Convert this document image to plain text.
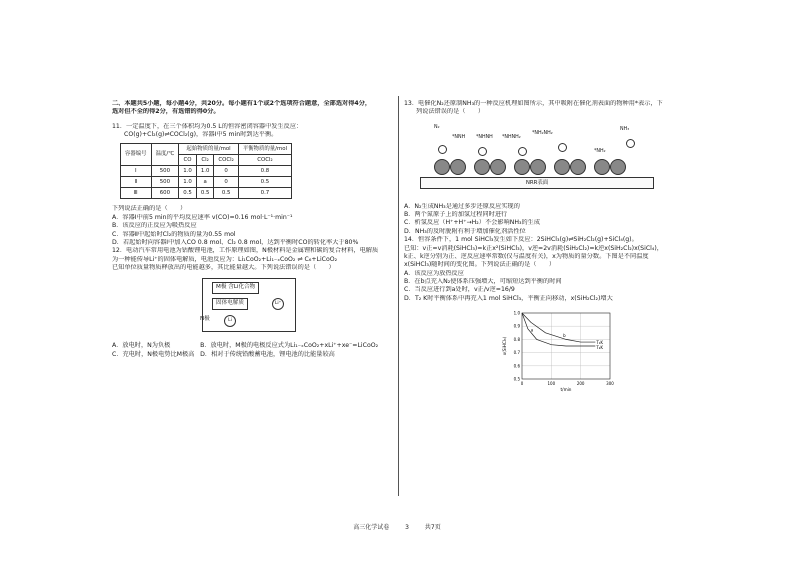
二、本题共5小题，每小题4分，共20分。每小题有1个或2个选项符合题意，全部选对得4分，
选对但不全的得2分，有选错的得0分。
11．一定温度下，在三个体积均为0.5 L的恒容密闭容器中发生反应：
CO(g)+Cl₂(g)⇌COCl₂(g)，容器Ⅰ中5 min时到达平衡。
容器编号	温度/℃	起始物质的量/mol			平衡物质的量/mol
		CO	Cl₂	COCl₂	COCl₂
Ⅰ	500	1.0	1.0	0	0.8
Ⅱ	500	1.0	a	0	0.5
Ⅲ	600	0.5	0.5	0.5	0.7
下列说法正确的是（　　）
A．容器Ⅰ中前5 min的平均反应速率 v(CO)=0.16 mol·L⁻¹·min⁻¹
B．该反应的正反应为吸热反应
C．容器Ⅱ中起始时Cl₂的物质的量为0.55 mol
D．若起始时向容器Ⅰ中加入CO 0.8 mol、Cl₂ 0.8 mol，达到平衡时CO的转化率大于80%
12．电动汽车常用电池为钴酸锂电池，工作原理如图，N极材料是金属锂和碳的复合材料，电解质
为一种能传导Li⁺的固体电解质，电池反应为：Li₁CoO₂+Li₁₋ₓCoO₂ ⇌ C₆+LiCoO₂
已知单位质量物质释放出的电能越多，其比能量越大。下列说法错误的是（　　）
M极 含Li化合物
固体电解质	Li⁺
N极	Li
A．放电时，N为负极	B．放电时，M极的电极反应式为Li₁₋ₓCoO₂+xLi⁺+xe⁻=LiCoO₂
C．充电时，N极电势比M极高 D．相对于传统铅酸蓄电池，锂电池的比能量较高
13．电催化N₂还原制NH₃的一种反应机理如图所示，其中吸附在催化剂表面的物种用*表示，下
列说法错误的是（　　）
N₂
*NNH *NHNH *NHNH₂
*NH₂NH₂
*NH₂
NH₃
NRR表面
A．N₂生成NH₃是通过多步还原反应实现的
B．两个氮原子上的加氢过程同时进行
C．析氢反应（H⁺+H⁺→H₂）不会影响NH₃的生成
D．NH₃的及时脱附有利于增加催化剂活性位
14．恒容条件下，1 mol SiHCl₃发生如下反应：2SiHCl₃(g)⇌SiH₂Cl₂(g)+SiCl₄(g)。
已知：v正=v消耗(SiHCl₃)=k正x²(SiHCl₃)，v逆=2v消耗(SiH₂Cl₂)=k逆x(SiH₂Cl₂)x(SiCl₄)，
k正、k逆分别为正、逆反应速率常数(仅与温度有关)，x为物质的量分数。下图是不同温度
x(SiHCl₃)随时间的变化图。下列说法正确的是（　　）
A．该反应为放热反应
B．在b点充入N₂使体系压强增大，可缩短达到平衡的时间
C．当反应进行到a处时，v正/v逆=16/9
D．T₂ K时平衡体系中再充入1 mol SiHCl₃，平衡正向移动，x(SiH₂Cl₂)增大
0.5
0.6
0.7
0.8
0.9
1.0
0	100	200	300
t/min
x(SiHCl₃)	T₁K
T₂K
a
b
高三化学试卷	3	共7页
